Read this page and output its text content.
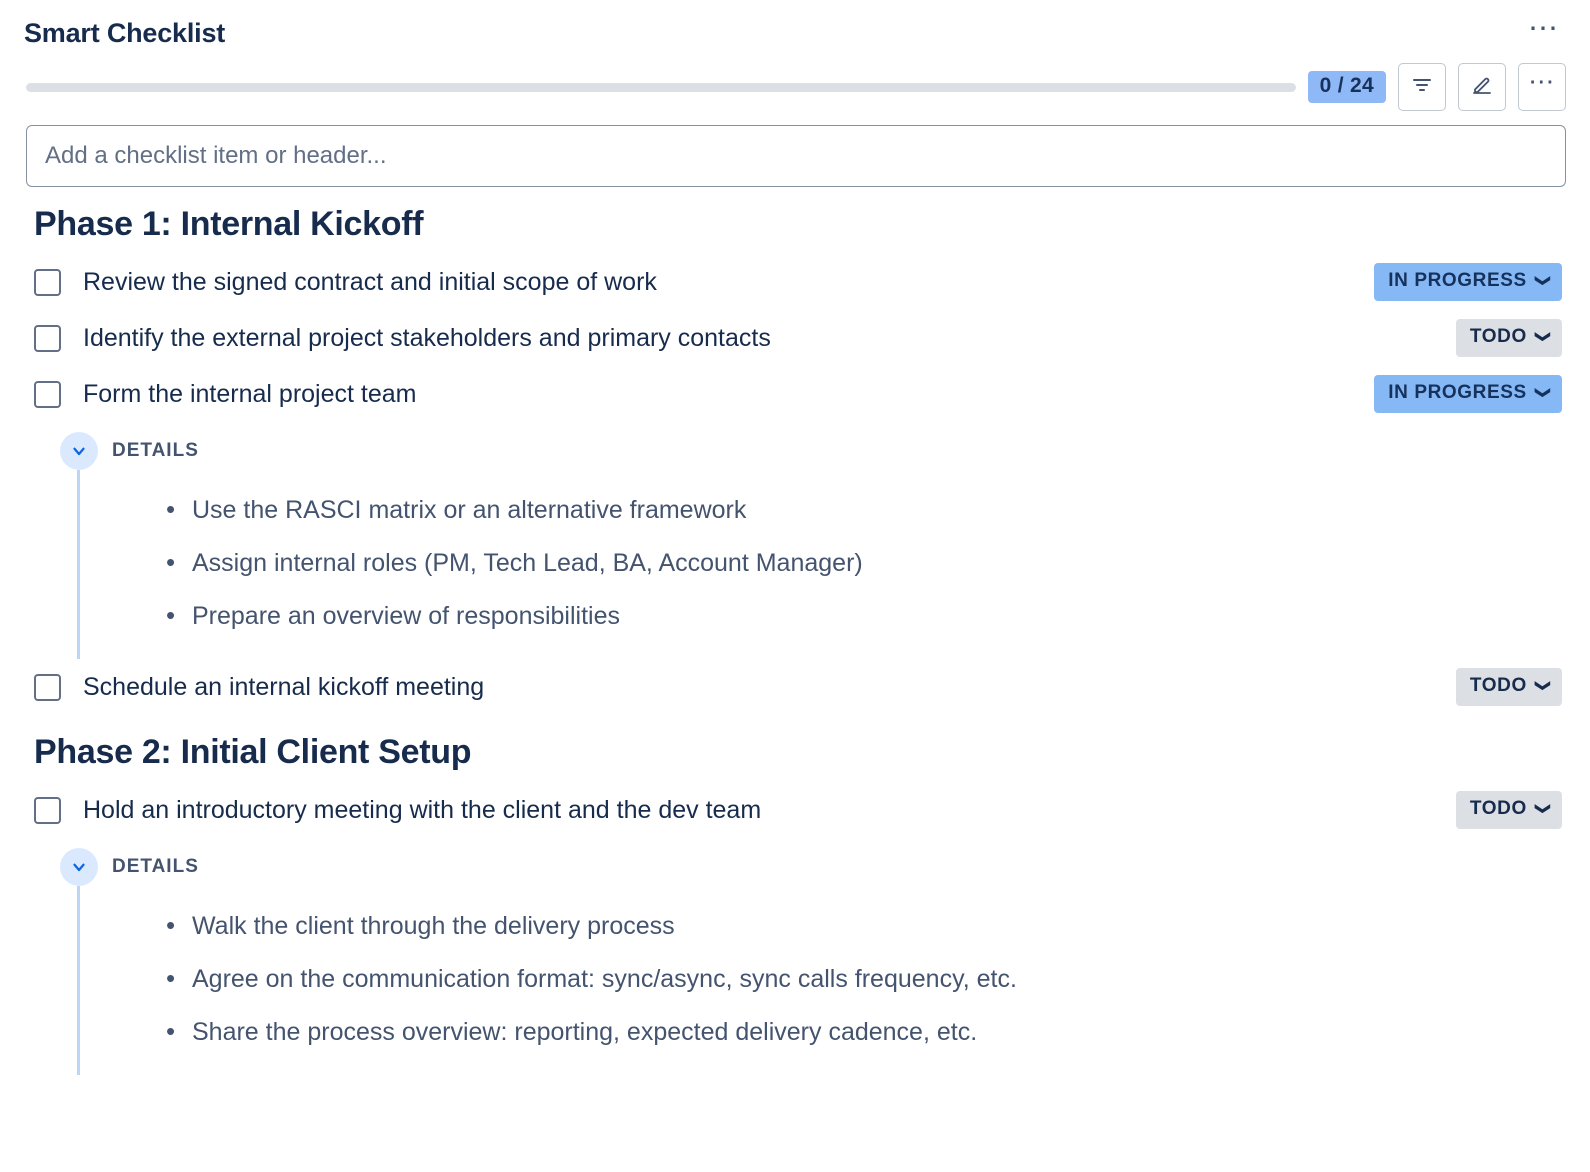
Smart Checklist	⋯
0 / 24	⋯
Add a checklist item or header...
Phase 1: Internal Kickoff
Review the signed contract and initial scope of work	IN PROGRESS ❯
Identify the external project stakeholders and primary contacts	TODO ❯
Form the internal project team	IN PROGRESS ❯
DETAILS
• Use the RASCI matrix or an alternative framework
• Assign internal roles (PM, Tech Lead, BA, Account Manager)
• Prepare an overview of responsibilities
Schedule an internal kickoff meeting	TODO ❯
Phase 2: Initial Client Setup
Hold an introductory meeting with the client and the dev team	TODO ❯
DETAILS
• Walk the client through the delivery process
• Agree on the communication format: sync/async, sync calls frequency, etc.
• Share the process overview: reporting, expected delivery cadence, etc.
